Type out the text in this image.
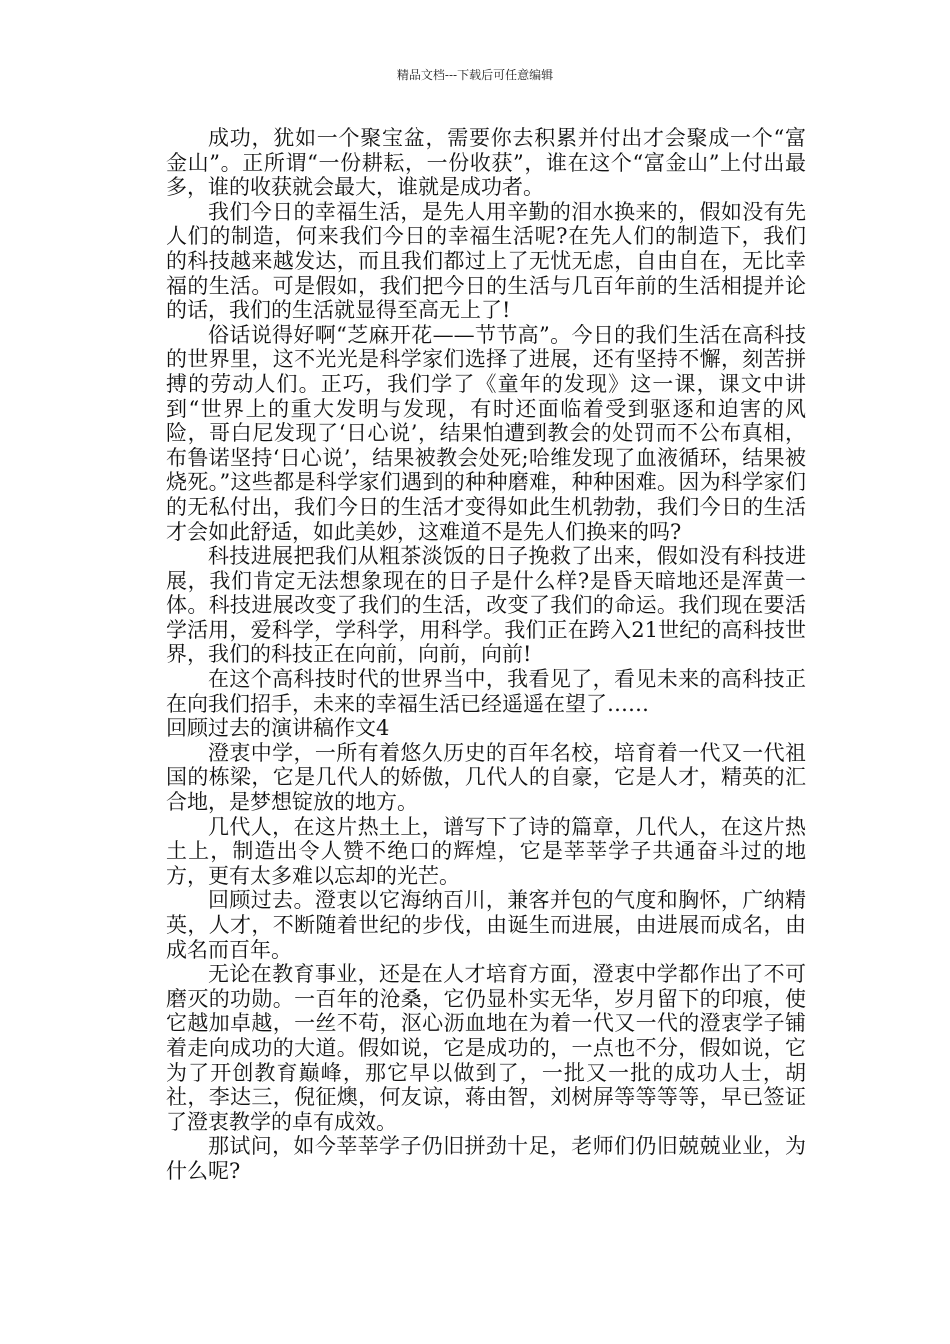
精品文档---下载后可任意编辑

成功，犹如一个聚宝盆，需要你去积累并付出才会聚成一个“富金山”。正所谓“一份耕耘，一份收获”，谁在这个“富金山”上付出最多，谁的收获就会最大，谁就是成功者。

我们今日的幸福生活，是先人用辛勤的泪水换来的，假如没有先人们的制造，何来我们今日的幸福生活呢?在先人们的制造下，我们的科技越来越发达，而且我们都过上了无忧无虑，自由自在，无比幸福的生活。可是假如，我们把今日的生活与几百年前的生活相提并论的话，我们的生活就显得至高无上了!

俗话说得好啊“芝麻开花——节节高”。今日的我们生活在高科技的世界里，这不光光是科学家们选择了进展，还有坚持不懈，刻苦拼搏的劳动人们。正巧，我们学了《童年的发现》这一课，课文中讲到“世界上的重大发明与发现，有时还面临着受到驱逐和迫害的风险，哥白尼发现了‘日心说’，结果怕遭到教会的处罚而不公布真相，布鲁诺坚持‘日心说’，结果被教会处死;哈维发现了血液循环，结果被烧死。”这些都是科学家们遇到的种种磨难，种种困难。因为科学家们的无私付出，我们今日的生活才变得如此生机勃勃，我们今日的生活才会如此舒适，如此美妙，这难道不是先人们换来的吗?

科技进展把我们从粗茶淡饭的日子挽救了出来，假如没有科技进展，我们肯定无法想象现在的日子是什么样?是昏天暗地还是浑黄一体。科技进展改变了我们的生活，改变了我们的命运。我们现在要活学活用，爱科学，学科学，用科学。我们正在跨入21世纪的高科技世界，我们的科技正在向前，向前，向前!

在这个高科技时代的世界当中，我看见了，看见未来的高科技正在向我们招手，未来的幸福生活已经遥遥在望了……

回顾过去的演讲稿作文4

澄衷中学，一所有着悠久历史的百年名校，培育着一代又一代祖国的栋梁，它是几代人的娇傲，几代人的自豪，它是人才，精英的汇合地，是梦想锭放的地方。

几代人，在这片热土上，谱写下了诗的篇章，几代人，在这片热土上，制造出令人赞不绝口的辉煌，它是莘莘学子共通奋斗过的地方，更有太多难以忘却的光芒。

回顾过去。澄衷以它海纳百川，兼客并包的气度和胸怀，广纳精英，人才，不断随着世纪的步伐，由诞生而进展，由进展而成名，由成名而百年。

无论在教育事业，还是在人才培育方面，澄衷中学都作出了不可磨灭的功勋。一百年的沧桑，它仍显朴实无华，岁月留下的印痕，使它越加卓越，一丝不苟，沤心沥血地在为着一代又一代的澄衷学子铺着走向成功的大道。假如说，它是成功的，一点也不分，假如说，它为了开创教育巅峰，那它早以做到了，一批又一批的成功人士，胡社，李达三，倪征燠，何友谅，蒋由智，刘树屏等等等等，早已签证了澄衷教学的卓有成效。

那试问，如今莘莘学子仍旧拼劲十足，老师们仍旧兢兢业业，为什么呢?
